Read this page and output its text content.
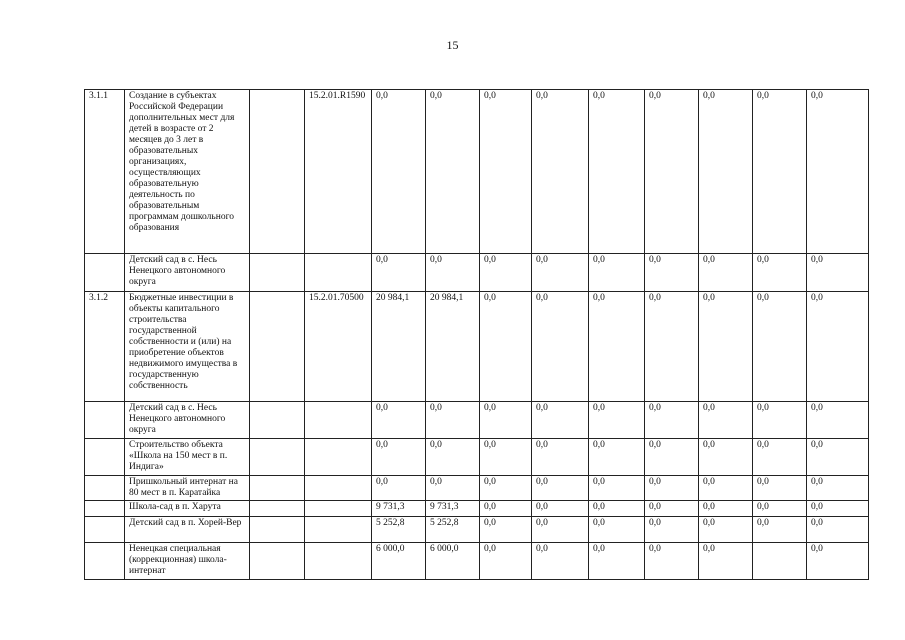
15
3.1.1	Создание в субъектах Российской Федерации дополнительных мест для детей в возрасте от 2 месяцев до 3 лет в образовательных организациях, осуществляющих образовательную деятельность по образовательным программам дошкольного образования		15.2.01.R1590	0,0	0,0	0,0	0,0	0,0	0,0	0,0	0,0	0,0
	Детский сад в с. Несь Ненецкого автономного округа			0,0	0,0	0,0	0,0	0,0	0,0	0,0	0,0	0,0
3.1.2	Бюджетные инвестиции в объекты капитального строительства государственной собственности и (или) на приобретение объектов недвижимого имущества в государственную собственность		15.2.01.70500	20 984,1	20 984,1	0,0	0,0	0,0	0,0	0,0	0,0	0,0
	Детский сад в с. Несь Ненецкого автономного округа			0,0	0,0	0,0	0,0	0,0	0,0	0,0	0,0	0,0
	Строительство объекта «Школа на 150 мест в п. Индига»			0,0	0,0	0,0	0,0	0,0	0,0	0,0	0,0	0,0
	Пришкольный интернат на 80 мест в п. Каратайка			0,0	0,0	0,0	0,0	0,0	0,0	0,0	0,0	0,0
	Школа-сад в п. Харута			9 731,3	9 731,3	0,0	0,0	0,0	0,0	0,0	0,0	0,0
	Детский сад в п. Хорей-Вер			5 252,8	5 252,8	0,0	0,0	0,0	0,0	0,0	0,0	0,0
	Ненецкая специальная (коррекционная) школа-интернат			6 000,0	6 000,0	0,0	0,0	0,0	0,0	0,0		0,0
